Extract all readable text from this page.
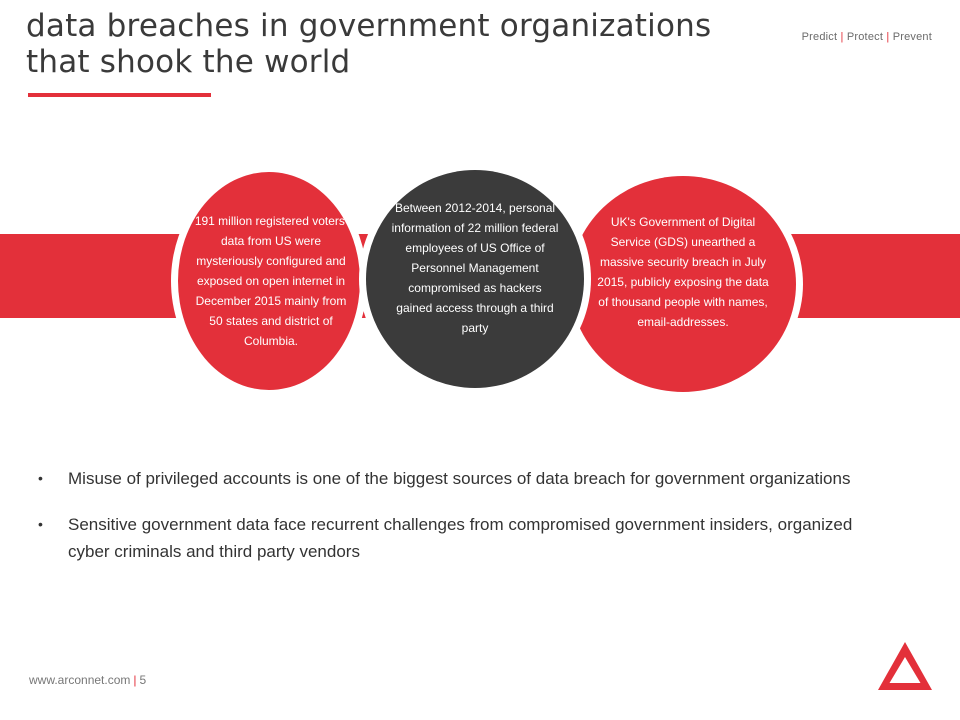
data breaches in government organizations
that shook the world
Predict | Protect | Prevent
191 million registered voters' data from US were mysteriously configured and exposed on open internet in December 2015 mainly from 50 states and district of Columbia.
UK's Government of Digital Service (GDS) unearthed a massive security breach in July 2015, publicly exposing the data of thousand people with names, email-addresses.
Between 2012-2014, personal information of 22 million federal employees of US Office of Personnel Management compromised as hackers gained access through a third party
• Misuse of privileged accounts is one of the biggest sources of data breach for government organizations
• Sensitive government data face recurrent challenges from compromised government insiders, organized cyber criminals and third party vendors
www.arconnet.com | 5
